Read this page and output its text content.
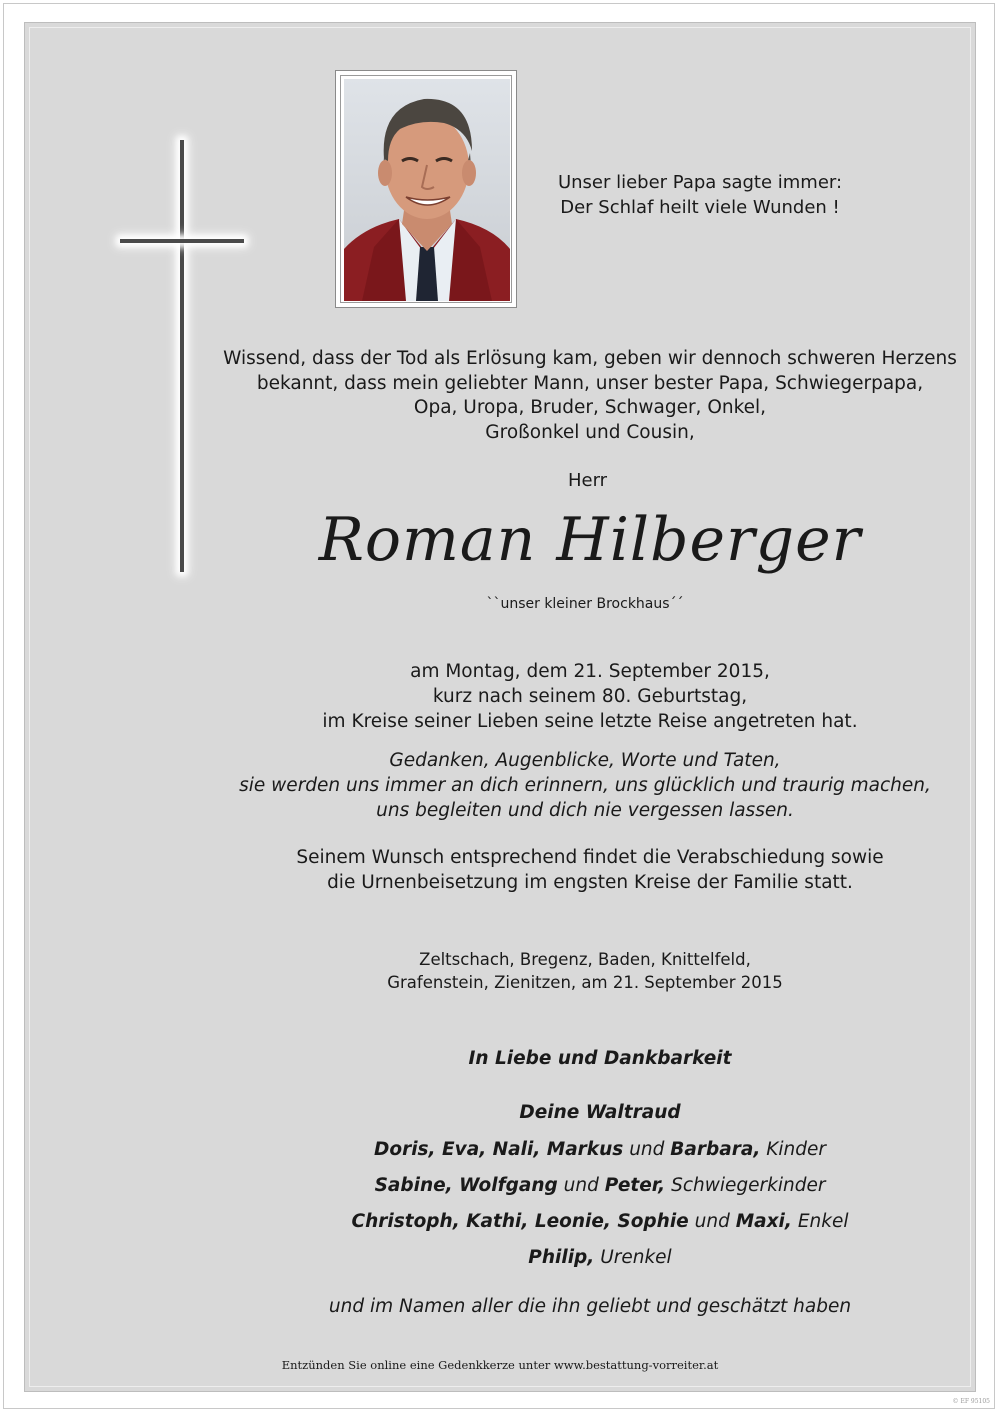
Unser lieber Papa sagte immer:
Der Schlaf heilt viele Wunden !
Wissend, dass der Tod als Erlösung kam, geben wir dennoch schweren Herzens
bekannt, dass mein geliebter Mann, unser bester Papa, Schwiegerpapa,
Opa, Uropa, Bruder, Schwager, Onkel,
Großonkel und Cousin,
Herr
Roman Hilberger
``unser kleiner Brockhaus´´
am Montag, dem 21. September 2015,
kurz nach seinem 80. Geburtstag,
im Kreise seiner Lieben seine letzte Reise angetreten hat.
Gedanken, Augenblicke, Worte und Taten,
sie werden uns immer an dich erinnern, uns glücklich und traurig machen,
uns begleiten und dich nie vergessen lassen.
Seinem Wunsch entsprechend findet die Verabschiedung sowie
die Urnenbeisetzung im engsten Kreise der Familie statt.
Zeltschach, Bregenz, Baden, Knittelfeld,
Grafenstein, Zienitzen, am 21. September 2015
In Liebe und Dankbarkeit
Deine Waltraud
Doris, Eva, Nali, Markus und Barbara, Kinder
Sabine, Wolfgang und Peter, Schwiegerkinder
Christoph, Kathi, Leonie, Sophie und Maxi, Enkel
Philip, Urenkel
und im Namen aller die ihn geliebt und geschätzt haben
Entzünden Sie online eine Gedenkkerze unter www.bestattung-vorreiter.at
© EF 95105
